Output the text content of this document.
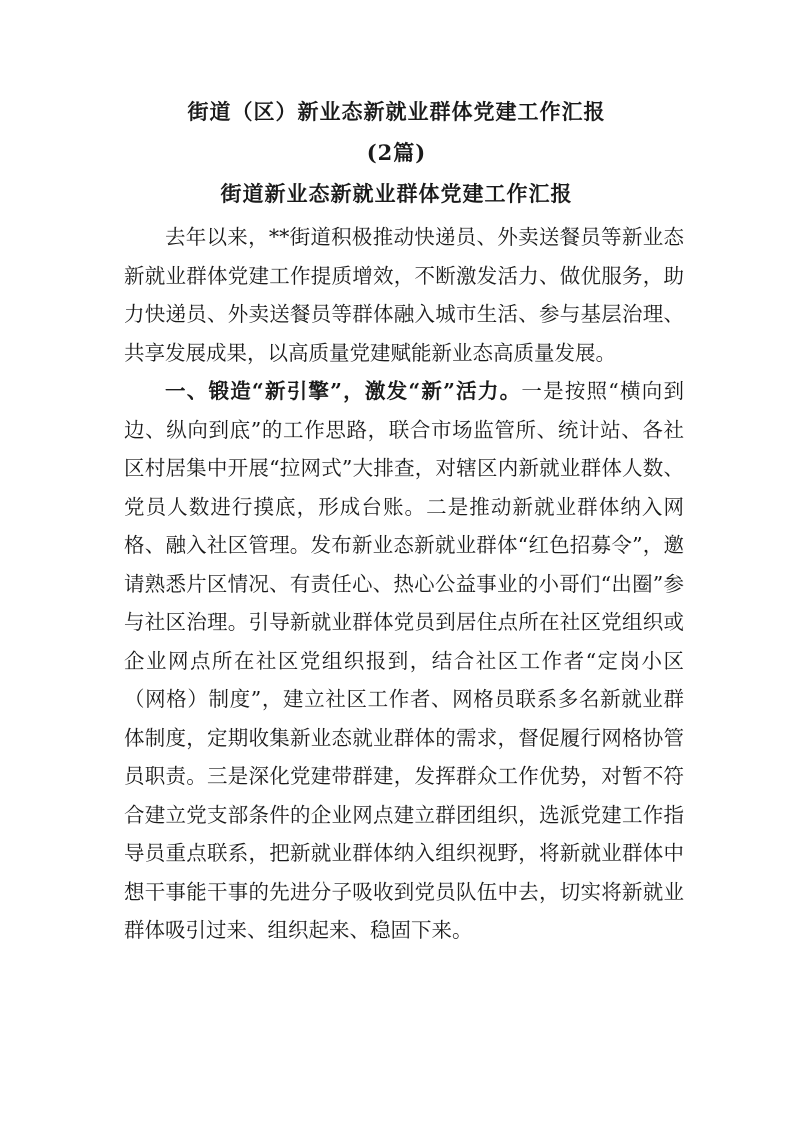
街道（区）新业态新就业群体党建工作汇报
(2篇)
街道新业态新就业群体党建工作汇报

去年以来，**街道积极推动快递员、外卖送餐员等新业态新就业群体党建工作提质增效，不断激发活力、做优服务，助力快递员、外卖送餐员等群体融入城市生活、参与基层治理、共享发展成果，以高质量党建赋能新业态高质量发展。

一、锻造“新引擎”，激发“新”活力。一是按照“横向到边、纵向到底”的工作思路，联合市场监管所、统计站、各社区村居集中开展“拉网式”大排查，对辖区内新就业群体人数、党员人数进行摸底，形成台账。二是推动新就业群体纳入网格、融入社区管理。发布新业态新就业群体“红色招募令”，邀请熟悉片区情况、有责任心、热心公益事业的小哥们“出圈”参与社区治理。引导新就业群体党员到居住点所在社区党组织或企业网点所在社区党组织报到，结合社区工作者“定岗小区（网格）制度”，建立社区工作者、网格员联系多名新就业群体制度，定期收集新业态就业群体的需求，督促履行网格协管员职责。三是深化党建带群建，发挥群众工作优势，对暂不符合建立党支部条件的企业网点建立群团组织，选派党建工作指导员重点联系，把新就业群体纳入组织视野，将新就业群体中想干事能干事的先进分子吸收到党员队伍中去，切实将新就业群体吸引过来、组织起来、稳固下来。
